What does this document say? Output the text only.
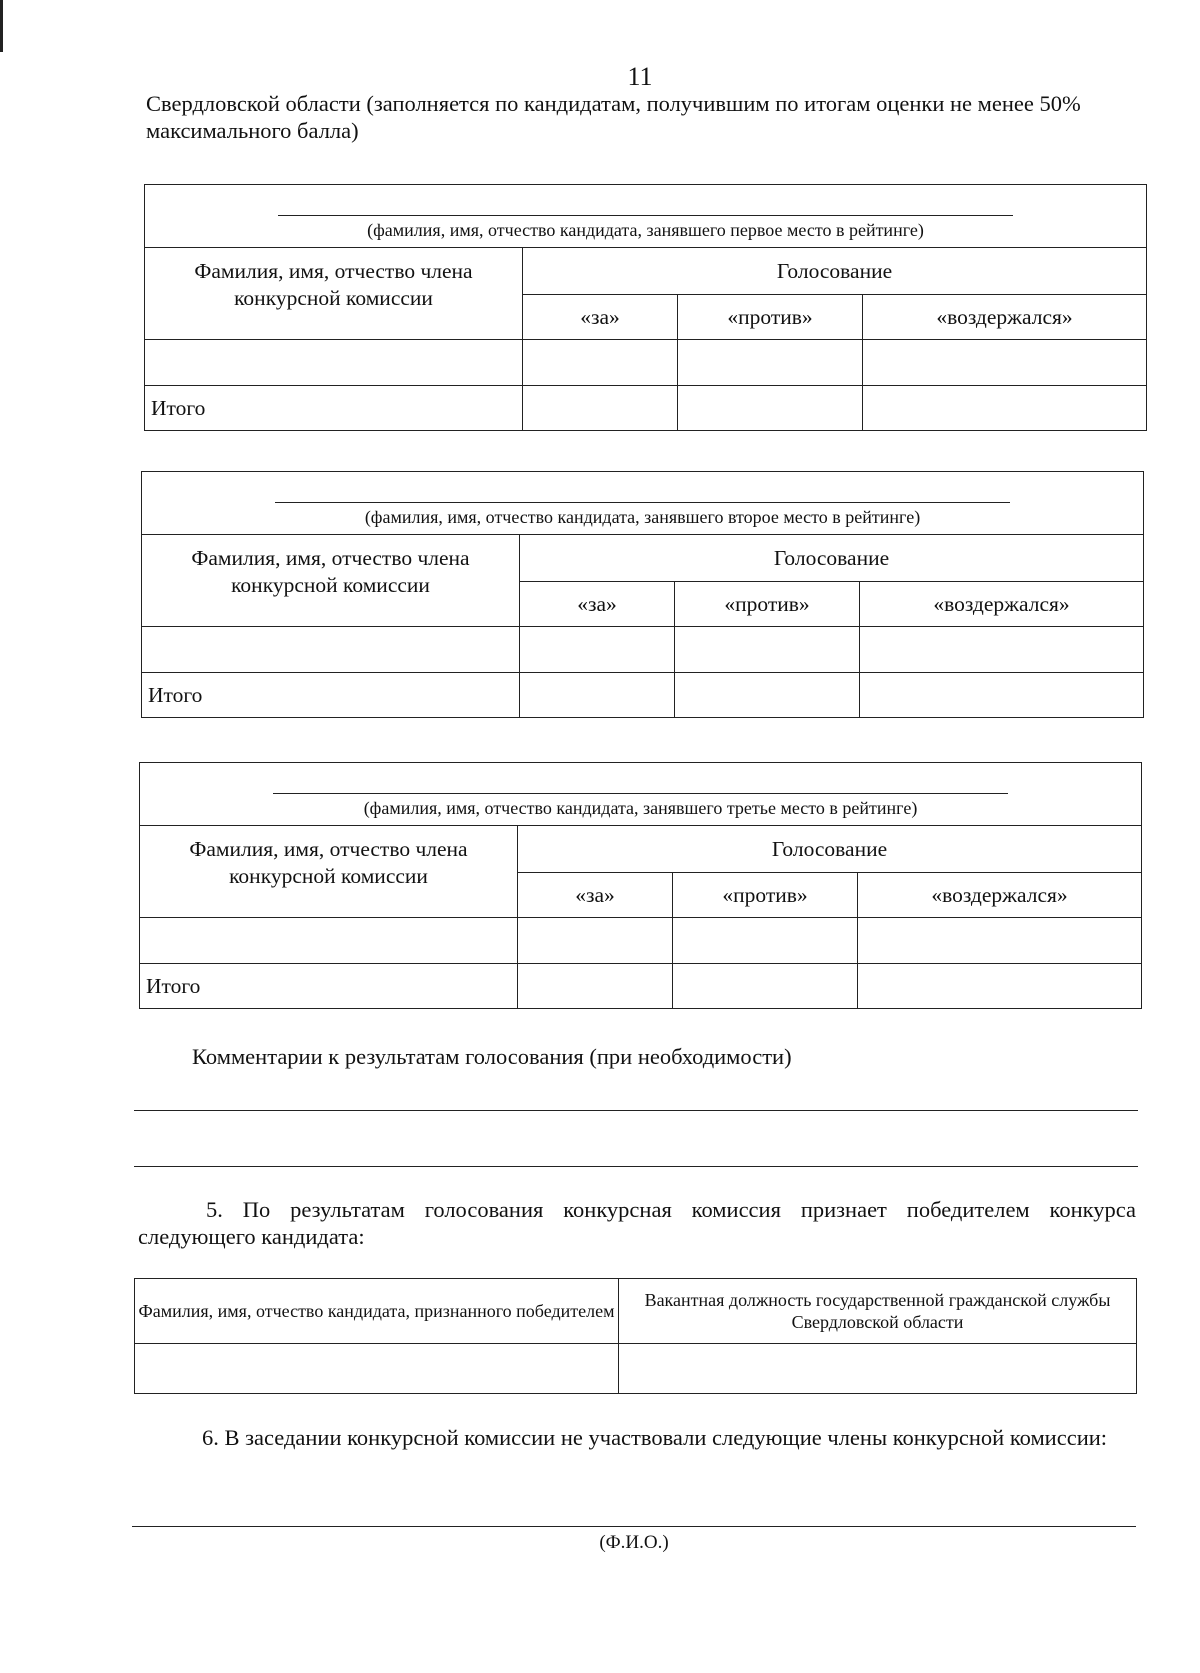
11
Свердловской области (заполняется по кандидатам, получившим по итогам оценки не менее 50% максимального балла)
(фамилия, имя, отчество кандидата, занявшего первое место в рейтинге)			

Фамилия, имя, отчество члена конкурсной комиссии	Голосование		
	«за»	«против»	«воздержался»

Итого			
(фамилия, имя, отчество кандидата, занявшего второе место в рейтинге)			

Фамилия, имя, отчество члена конкурсной комиссии	Голосование		
	«за»	«против»	«воздержался»

Итого			
(фамилия, имя, отчество кандидата, занявшего третье место в рейтинге)			

Фамилия, имя, отчество члена конкурсной комиссии	Голосование		
	«за»	«против»	«воздержался»

Итого			
Комментарии к результатам голосования (при необходимости)
5. По результатам голосования конкурсная комиссия признает победителем конкурса следующего кандидата:
Фамилия, имя, отчество кандидата, признанного победителем	Вакантная должность государственной гражданской службы Свердловской области

6. В заседании конкурсной комиссии не участвовали следующие члены конкурсной комиссии:
(Ф.И.О.)
